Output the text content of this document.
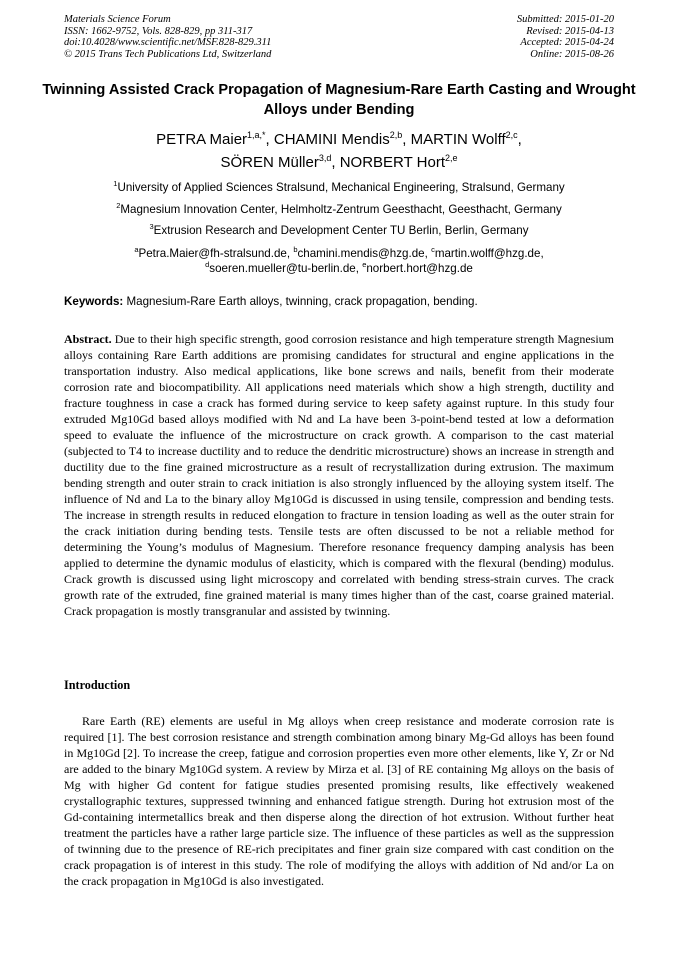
Materials Science Forum
ISSN: 1662-9752, Vols. 828-829, pp 311-317
doi:10.4028/www.scientific.net/MSF.828-829.311
© 2015 Trans Tech Publications Ltd, Switzerland
Submitted: 2015-01-20
Revised: 2015-04-13
Accepted: 2015-04-24
Online: 2015-08-26
Twinning Assisted Crack Propagation of Magnesium-Rare Earth Casting and Wrought Alloys under Bending
PETRA Maier$^{1,a,*}$, CHAMINI Mendis$^{2,b}$, MARTIN Wolff$^{2,c}$,
SÖREN Müller$^{3,d}$, NORBERT Hort$^{2,e}$
$^1$University of Applied Sciences Stralsund, Mechanical Engineering, Stralsund, Germany
$^2$Magnesium Innovation Center, Helmholtz-Zentrum Geesthacht, Geesthacht, Germany
$^3$Extrusion Research and Development Center TU Berlin, Berlin, Germany
$^a$Petra.Maier@fh-stralsund.de, $^b$chamini.mendis@hzg.de, $^c$martin.wolff@hzg.de,
$^d$soeren.mueller@tu-berlin.de, $^e$norbert.hort@hzg.de
Keywords: Magnesium-Rare Earth alloys, twinning, crack propagation, bending.

Abstract. Due to their high specific strength, good corrosion resistance and high temperature strength Magnesium alloys containing Rare Earth additions are promising candidates for structural and engine applications in the transportation industry. Also medical applications, like bone screws and nails, benefit from their moderate corrosion rate and biocompatibility. All applications need materials which show a high strength, ductility and fracture toughness in case a crack has formed during service to keep safety against rupture. In this study four extruded Mg10Gd based alloys modified with Nd and La have been 3-point-bend tested at low a deformation speed to evaluate the influence of the microstructure on crack growth. A comparison to the cast material (subjected to T4 to increase ductility and to reduce the dendritic microstructure) shows an increase in strength and ductility due to the fine grained microstructure as a result of recrystallization during extrusion. The maximum bending strength and outer strain to crack initiation is also strongly influenced by the alloying system itself. The influence of Nd and La to the binary alloy Mg10Gd is discussed in using tensile, compression and bending tests. The increase in strength results in reduced elongation to fracture in tension loading as well as the outer strain for the crack initiation during bending tests. Tensile tests are often discussed to be not a reliable method for determining the Young’s modulus of Magnesium. Therefore resonance frequency damping analysis has been applied to determine the dynamic modulus of elasticity, which is compared with the flexural (bending) modulus. Crack growth is discussed using light microscopy and correlated with bending stress-strain curves. The crack growth rate of the extruded, fine grained material is many times higher than of the cast, coarse grained material. Crack propagation is mostly transgranular and assisted by twinning.

Introduction

Rare Earth (RE) elements are useful in Mg alloys when creep resistance and moderate corrosion rate is required [1]. The best corrosion resistance and strength combination among binary Mg-Gd alloys has been found in Mg10Gd [2]. To increase the creep, fatigue and corrosion properties even more other elements, like Y, Zr or Nd are added to the binary Mg10Gd system. A review by Mirza et al. [3] of RE containing Mg alloys on the basis of Mg with higher Gd content for fatigue studies presented promising results, like effectively weakened crystallographic textures, suppressed twinning and enhanced fatigue strength. During hot extrusion most of the Gd-containing intermetallics break and then disperse along the direction of hot extrusion. Without further heat treatment the particles have a rather large particle size. The influence of these particles as well as the suppression of twinning due to the presence of RE-rich precipitates and finer grain size compared with cast condition on the crack propagation is of interest in this study. The role of modifying the alloys with addition of Nd and/or La on the crack propagation in Mg10Gd is also investigated.
